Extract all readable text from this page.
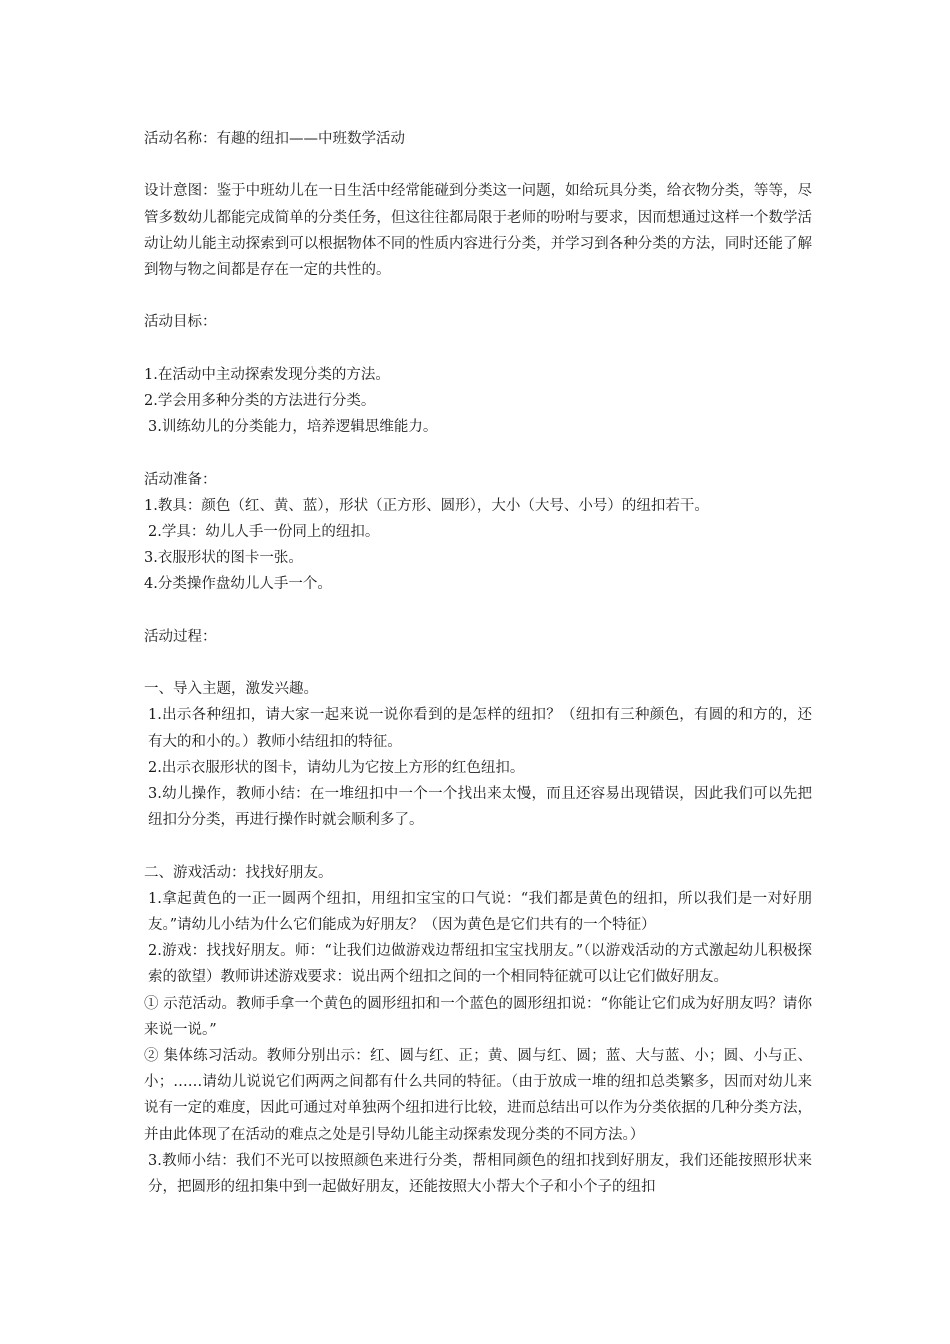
活动名称：有趣的纽扣——中班数学活动

设计意图：鉴于中班幼儿在一日生活中经常能碰到分类这一问题，如给玩具分类，给衣物分类，等等，尽管多数幼儿都能完成简单的分类任务，但这往往都局限于老师的吩咐与要求，因而想通过这样一个数学活动让幼儿能主动探索到可以根据物体不同的性质内容进行分类，并学习到各种分类的方法，同时还能了解到物与物之间都是存在一定的共性的。

活动目标：

1.在活动中主动探索发现分类的方法。

2.学会用多种分类的方法进行分类。

3.训练幼儿的分类能力，培养逻辑思维能力。

活动准备：

1.教具：颜色（红、黄、蓝），形状（正方形、圆形），大小（大号、小号）的纽扣若干。

2.学具：幼儿人手一份同上的纽扣。

3.衣服形状的图卡一张。

4.分类操作盘幼儿人手一个。

活动过程：

一、导入主题，激发兴趣。

1.出示各种纽扣，请大家一起来说一说你看到的是怎样的纽扣？（纽扣有三种颜色，有圆的和方的，还有大的和小的。）教师小结纽扣的特征。

2.出示衣服形状的图卡，请幼儿为它按上方形的红色纽扣。

3.幼儿操作，教师小结：在一堆纽扣中一个一个找出来太慢，而且还容易出现错误，因此我们可以先把纽扣分分类，再进行操作时就会顺利多了。

二、游戏活动：找找好朋友。

1.拿起黄色的一正一圆两个纽扣，用纽扣宝宝的口气说：“我们都是黄色的纽扣，所以我们是一对好朋友。”请幼儿小结为什么它们能成为好朋友？（因为黄色是它们共有的一个特征）

2.游戏：找找好朋友。师：“让我们边做游戏边帮纽扣宝宝找朋友。”（以游戏活动的方式激起幼儿积极探索的欲望）教师讲述游戏要求：说出两个纽扣之间的一个相同特征就可以让它们做好朋友。

① 示范活动。教师手拿一个黄色的圆形纽扣和一个蓝色的圆形纽扣说：“你能让它们成为好朋友吗？请你来说一说。”

② 集体练习活动。教师分别出示：红、圆与红、正；黄、圆与红、圆；蓝、大与蓝、小；圆、小与正、小；……请幼儿说说它们两两之间都有什么共同的特征。（由于放成一堆的纽扣总类繁多，因而对幼儿来说有一定的难度，因此可通过对单独两个纽扣进行比较，进而总结出可以作为分类依据的几种分类方法，并由此体现了在活动的难点之处是引导幼儿能主动探索发现分类的不同方法。）

3.教师小结：我们不光可以按照颜色来进行分类，帮相同颜色的纽扣找到好朋友，我们还能按照形状来分，把圆形的纽扣集中到一起做好朋友，还能按照大小帮大个子和小个子的纽扣
